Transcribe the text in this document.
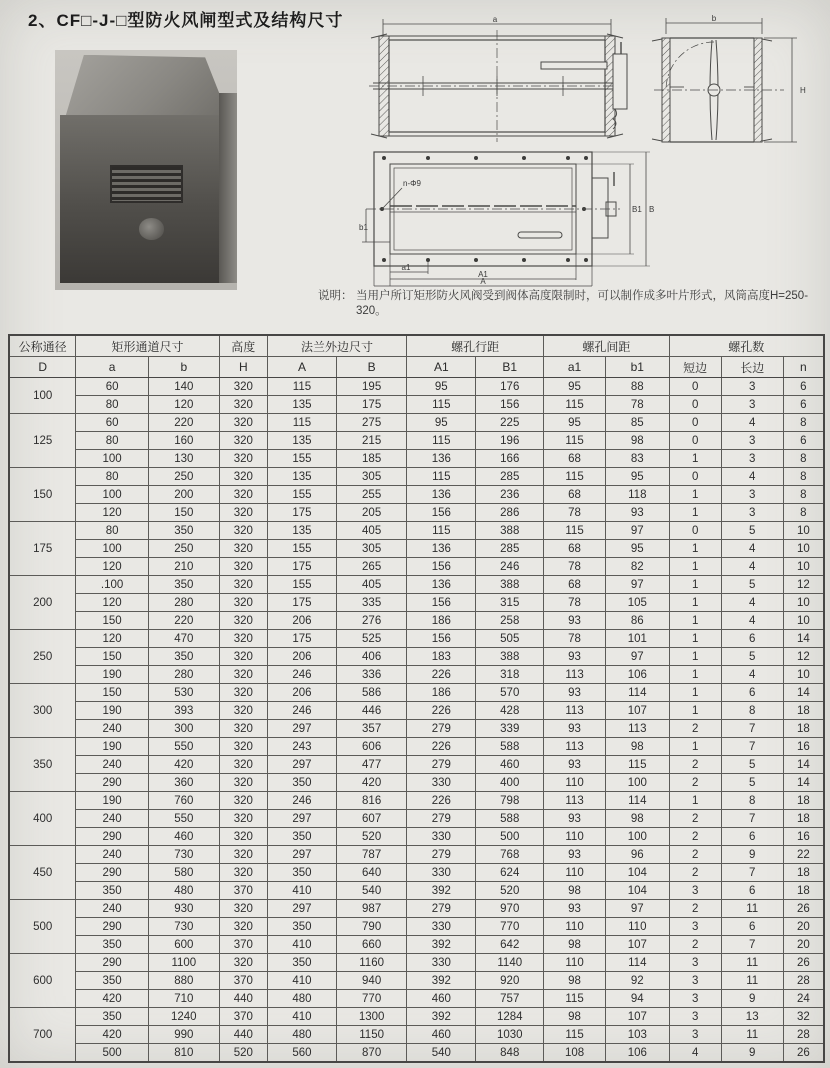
2、CF□-J-□型防火风闸型式及结构尺寸	a	b
H
n-Φ9
b1
a1
A1
A
B1 B
说明： 当用户所订矩形防火风阀受到阀体高度限制时，可以制作成多叶片形式，风筒高度H=250-320。
公称通径	矩形通道尺寸		高度	法兰外边尺寸		螺孔行距		螺孔间距		螺孔数		
D	a	b	H	A	B	A1	B1	a1	b1	短边	长边	n
100	60	140	320	115	195	95	176	95	88	0	3	6
	80	120	320	135	175	115	156	115	78	0	3	6
125	60	220	320	115	275	95	225	95	85	0	4	8
	80	160	320	135	215	115	196	115	98	0	3	6
	100	130	320	155	185	136	166	68	83	1	3	8
150	80	250	320	135	305	115	285	115	95	0	4	8
	100	200	320	155	255	136	236	68	118	1	3	8
	120	150	320	175	205	156	286	78	93	1	3	8
175	80	350	320	135	405	115	388	115	97	0	5	10
	100	250	320	155	305	136	285	68	95	1	4	10
	120	210	320	175	265	156	246	78	82	1	4	10
200	.100	350	320	155	405	136	388	68	97	1	5	12
	120	280	320	175	335	156	315	78	105	1	4	10
	150	220	320	206	276	186	258	93	86	1	4	10
250	120	470	320	175	525	156	505	78	101	1	6	14
	150	350	320	206	406	183	388	93	97	1	5	12
	190	280	320	246	336	226	318	113	106	1	4	10
300	150	530	320	206	586	186	570	93	114	1	6	14
	190	393	320	246	446	226	428	113	107	1	8	18
	240	300	320	297	357	279	339	93	113	2	7	18
350	190	550	320	243	606	226	588	113	98	1	7	16
	240	420	320	297	477	279	460	93	115	2	5	14
	290	360	320	350	420	330	400	110	100	2	5	14
400	190	760	320	246	816	226	798	113	114	1	8	18
	240	550	320	297	607	279	588	93	98	2	7	18
	290	460	320	350	520	330	500	110	100	2	6	16
450	240	730	320	297	787	279	768	93	96	2	9	22
	290	580	320	350	640	330	624	110	104	2	7	18
	350	480	370	410	540	392	520	98	104	3	6	18
500	240	930	320	297	987	279	970	93	97	2	11	26
	290	730	320	350	790	330	770	110	110	3	6	20
	350	600	370	410	660	392	642	98	107	2	7	20
600	290	1100	320	350	1160	330	1140	110	114	3	11	26
	350	880	370	410	940	392	920	98	92	3	11	28
	420	710	440	480	770	460	757	115	94	3	9	24
700	350	1240	370	410	1300	392	1284	98	107	3	13	32
	420	990	440	480	1150	460	1030	115	103	3	11	28
	500	810	520	560	870	540	848	108	106	4	9	26
